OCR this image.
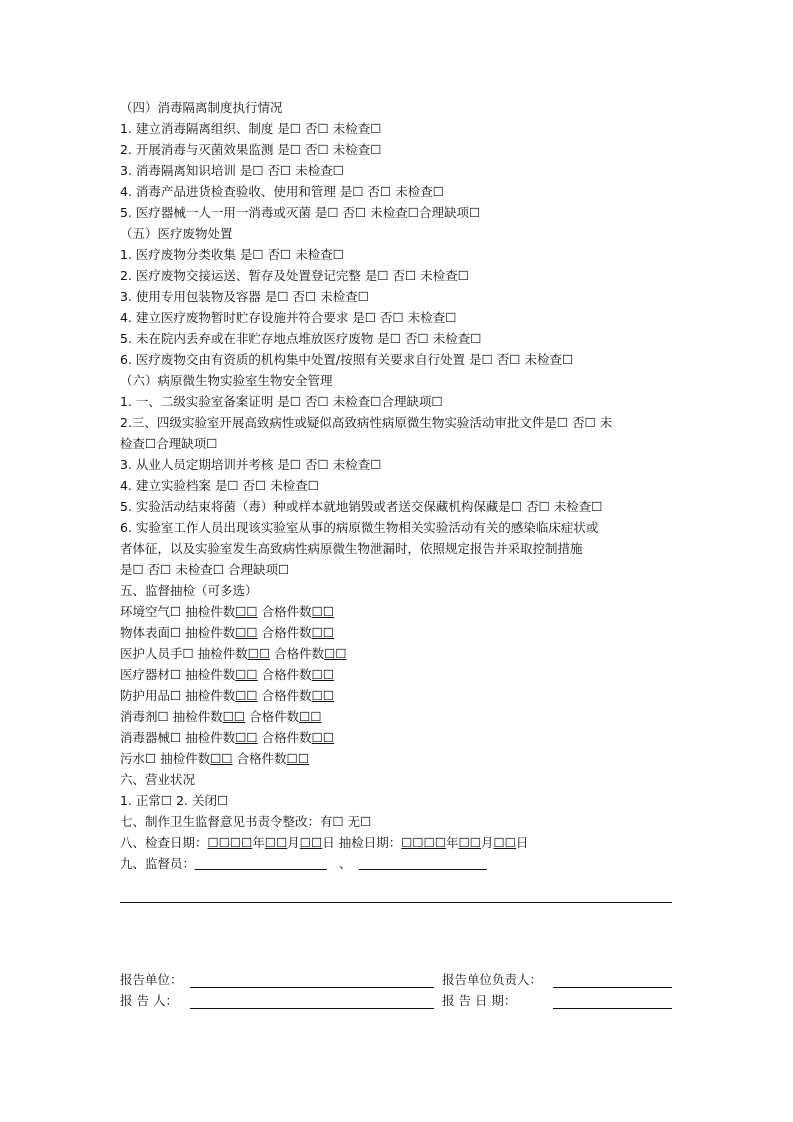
（四）消毒隔离制度执行情况
1. 建立消毒隔离组织、制度 是☐ 否☐ 未检查☐
2. 开展消毒与灭菌效果监测 是☐ 否☐ 未检查☐
3. 消毒隔离知识培训 是☐ 否☐ 未检查☐
4. 消毒产品进货检查验收、使用和管理 是☐ 否☐ 未检查☐
5. 医疗器械一人一用一消毒或灭菌 是☐ 否☐ 未检查☐合理缺项☐
（五）医疗废物处置
1. 医疗废物分类收集 是☐ 否☐ 未检查☐
2. 医疗废物交接运送、暂存及处置登记完整 是☐ 否☐ 未检查☐
3. 使用专用包装物及容器 是☐ 否☐ 未检查☐
4. 建立医疗废物暂时贮存设施并符合要求 是☐ 否☐ 未检查☐
5. 未在院内丢弃或在非贮存地点堆放医疗废物 是☐ 否☐ 未检查☐
6. 医疗废物交由有资质的机构集中处置/按照有关要求自行处置 是☐ 否☐ 未检查☐
（六）病原微生物实验室生物安全管理
1. 一、二级实验室备案证明 是☐ 否☐ 未检查☐合理缺项☐
2.三、四级实验室开展高致病性或疑似高致病性病原微生物实验活动审批文件是☐ 否☐ 未
检查☐合理缺项☐
3. 从业人员定期培训并考核 是☐ 否☐ 未检查☐
4. 建立实验档案 是☐ 否☐ 未检查☐
5. 实验活动结束将菌（毒）种或样本就地销毁或者送交保藏机构保藏是☐ 否☐ 未检查☐
6. 实验室工作人员出现该实验室从事的病原微生物相关实验活动有关的感染临床症状或
者体征，以及实验室发生高致病性病原微生物泄漏时，依照规定报告并采取控制措施
是☐ 否☐ 未检查☐ 合理缺项☐
五、监督抽检（可多选）
环境空气☐ 抽检件数☐☐ 合格件数☐☐
物体表面☐ 抽检件数☐☐ 合格件数☐☐
医护人员手☐ 抽检件数☐☐ 合格件数☐☐
医疗器材☐ 抽检件数☐☐ 合格件数☐☐
防护用品☐ 抽检件数☐☐ 合格件数☐☐
消毒剂☐ 抽检件数☐☐ 合格件数☐☐
消毒器械☐ 抽检件数☐☐ 合格件数☐☐
污水☐ 抽检件数☐☐ 合格件数☐☐
六、营业状况
1. 正常☐ 2. 关闭☐
七、制作卫生监督意见书责令整改：有☐ 无☐
八、检查日期：☐☐☐☐年☐☐月☐☐日 抽检日期：☐☐☐☐年☐☐月☐☐日
九、监督员：	、
报告单位：	报告单位负责人：
报 告 人：	报 告 日 期：
